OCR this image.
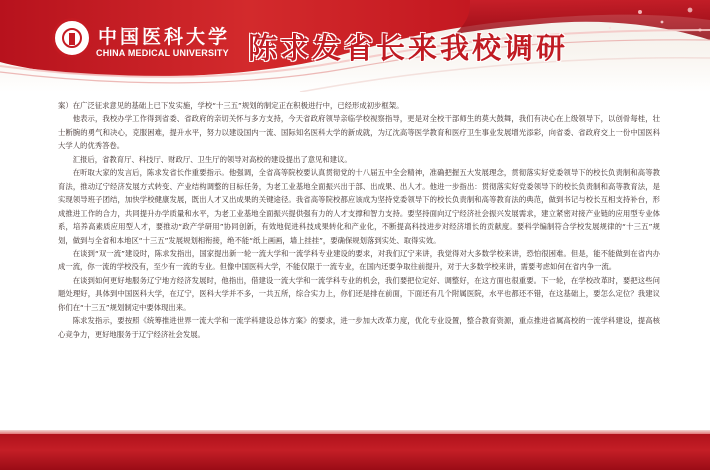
中国医科大学
CHINA MEDICAL UNIVERSITY 陈求发省长来我校调研

案）在广泛征求意见的基础上已下发实施，学校“十三五”规划的制定正在积极进行中，已经形成初步框架。

他表示，我校办学工作得到省委、省政府的亲切关怀与多方支持，今天省政府领导亲临学校视察指导，更是对全校干部师生的莫大鼓舞，我们有决心在上级领导下，以创骨每桂，壮士断腕的勇气和决心，克服困难，提升水平，努力以建设国内一流、国际知名医科大学的新成就，为辽沈高等医学教育和医疗卫生事业发展增光添彩，向省委、省政府交上一份中国医科大学人的优秀答卷。

汇报后，省教育厅、科技厅、财政厅、卫生厅的领导对高校的建设提出了意见和建议。

在听取大家的发言后，陈求发省长作重要指示。他强调，全省高等院校要认真贯彻党的十八届五中全会精神，准确把握五大发展理念，贯彻落实好党委领导下的校长负责制和高等教育法，推动辽宁经济发展方式转变、产业结构调整的目标任务，为老工业基地全面振兴出于部、出成果、出人才。他进一步指出：贯彻落实好党委领导下的校长负责制和高等教育法，是实现领导班子团结，加快学校健康发展，既出人才又出成果的关键途径。我省高等院校都应该成为坚持党委领导下的校长负责制和高等教育法的典范，做到书记与校长互相支持补台，形成推进工作的合力，共同提升办学质量和水平，为老工业基地全面振兴提供强有力的人才支撑和智力支持。要坚持面向辽宁经济社会振兴发展需求，建立紧密对接产业链的应用型专业体系，培养高素质应用型人才，要推动“政产学研用”协同创新，有效地促进科技成果转化和产业化，不断提高科技进步对经济增长的贡献度。要科学编制符合学校发展规律的“十三五”规划，做到与全省和本地区“十三五”发展规划相衔接，绝不能“纸上画画，墙上挂挂”，要确保规划落到实处、取得实效。

在谈到“双一流”建设时，陈求发指出，国家提出新一轮一流大学和一流学科专业建设的要求，对我们辽宁来讲，我觉得对大多数学校来讲，恐怕很困难。但是，能不能做到在省内办成一流，你一流的学校没有，至少有一流的专业。但像中国医科大学，不能仅限于一流专业，在国内还要争取往前提升，对于大多数学校来讲，需要考虑如何在省内争一流。

在谈到如何更好地服务辽宁地方经济发展时，他指出，借建设一流大学和一流学科专业的机会，我们要把位定好、调整好，在这方面也很重要。下一轮，在学校改革时，要把这些问题处理好，具体到中国医科大学，在辽宁，医科大学并不多，一共五所，综合实力上，你们还是排在前面，下面还有几个附属医院，水平也都还不错，在这基础上，要怎么定位？我建议你们在“十三五”规划制定中要体现出来。

陈求发指示，要按照《统筹推进世界一流大学和一流学科建设总体方案》的要求，进一步加大改革力度，优化专业设置，整合教育资源，重点推进省属高校的一流学科建设，提高核心竞争力，更好地服务于辽宁经济社会发展。
